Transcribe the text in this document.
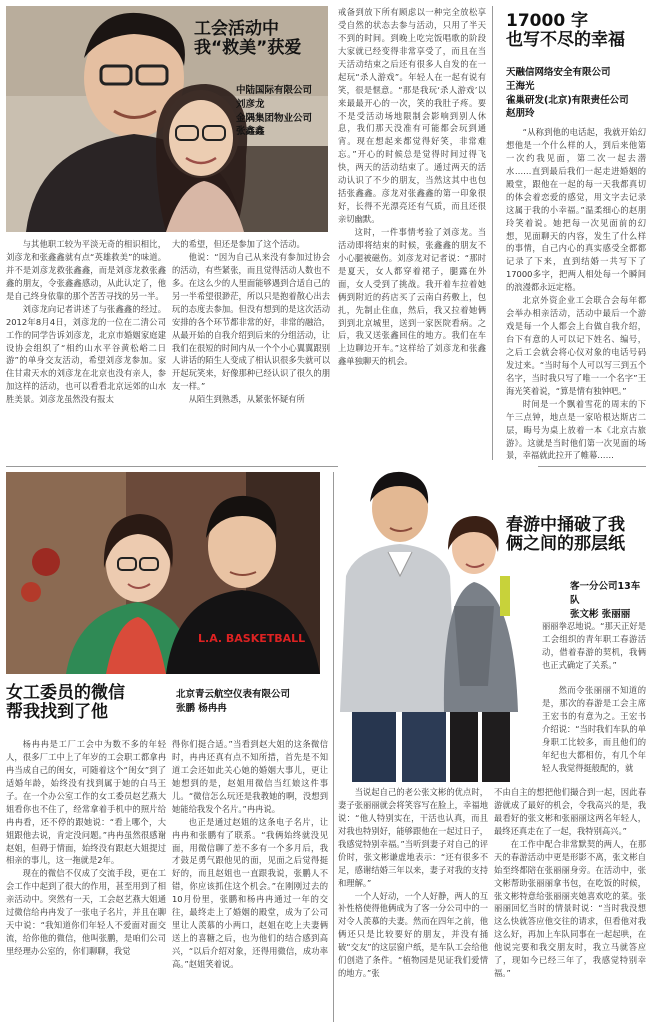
工会活动中
我“救美”获爱
中陆国际有限公司
刘彦龙
金隅集团物业公司
张鑫鑫

与其他职工较为平淡无奇的相识相比，刘彦龙和张鑫鑫就有点“英雄救美”的味道。并不是刘彦龙救张鑫鑫，而是刘彦龙救张鑫鑫的朋友，令张鑫鑫感动，从此认定了，他是自己终身依靠的那个苦苦寻找的另一半。

刘彦龙向记者讲述了与张鑫鑫的经过。2012年8月4日，刘彦龙的一位在二清公司工作的同学告诉刘彦龙，北京市婚姻家庭建设协会组织了“相约山水平谷黄松峪二日游”的单身交友活动，希望刘彦龙参加。家住甘肃天水的刘彦龙在北京也没有亲人，参加这样的活动，也可以看看北京远郊的山水胜美景。刘彦龙虽然没有报太

大的希望，但还是参加了这个活动。

他说：“因为自己从来没有参加过协会的活动，有些紧张，而且觉得活动人数也不多。在这么少的人里面能够遇到合适自己的另一半希望很渺茫，所以只是抱着散心出去玩的态度去参加。但没有想到的是这次活动安排的各个环节都非常的好，非常的融洽，从最开始的自我介绍到后来的分组活动，让我们在很短的时间内从一个个小心翼翼跟别人讲话的陌生人变成了相认识很多失就可以开起玩笑来，好像那种已经认识了很久的朋友一样。”

从陌生到熟悉，从紧张怀疑有所

戒备到放下所有顾虑以一种完全放松享受自然的状态去参与活动，只用了半天不到的时间。到晚上吃完饭唱歌的阶段大家就已经变得非常享受了，而且在当天活动结束之后还有很多人自发的在一起玩“杀人游戏”。年轻人在一起有说有笑，很是惬意。“那是我玩‘杀人游戏’以来最最开心的一次，笑的我肚子疼。要不是受活动场地限制会影响到别人休息，我们那天没准有可能都会玩到通宵。现在想起来都觉得好笑，非常难忘。”开心的时候总是觉得时间过得飞快，两天的活动结束了。通过两天的活动认识了不少的朋友，当然这其中也包括张鑫鑫。彦龙对张鑫鑫的第一印象很好，长得不光漂亮还有气质，而且还很亲切幽默。

这时，一件事情考验了刘彦龙。当活动即将结束的时候，张鑫鑫的朋友不小心腿被磁伤。刘彦龙对记者说：“那时是夏天，女人都穿着裙子，腿露在外面，女人受到了挑战。我开着车拉着她俩到附近的药店买了云南白药敷上，包扎，先制止住血，然后，我又拉着她俩到到北京城里，送到一家医院看病。之后，我又送张鑫回住的地方。我们在车上边聊边开车。”这样给了刘彦龙和张鑫鑫单独聊天的机会。

17000 字
也写不尽的幸福
天融信网络安全有限公司
王海光
雀巢研发(北京)有限责任公司
赵朋玲

“从称到他的电话起，我就开始幻想他是一个什么样的人，到后来他第一次约我见面，第二次一起去潜水……直到最后我们一起走进婚姻的殿堂，跟他在一起的每一天我都真切的体会着恋爱的感觉，用文字去记录这属于我的小幸福。”温柔细心的赵朋玲笑着说。她把每一次见面前的幻想，见面聊天的内容，发生了什么样的事情，自己内心的真实感受全都都记录了下来，直到结婚一共写下了17000多字，把两人相处每一个瞬间的浪漫都永远定格。

北京外资企业工会联合会每年都会举办相亲活动，活动中最后一个游戏是每一个人都会上台做自我介绍，台下有意的人可以记下姓名、编号，之后工会就会将心仪对象的电话号码发过来。“当时每个人可以写三到五个名字，当时我只写了唯一一个名字”王海光笑着说，“算是情有独钟吧。”

时间是一个飘着雪花的周末的下午三点钟，地点是一家哈根达斯店二层，晦号为桌上放着一本《北京古旅游》。这就是当时他们第一次见面的场景，幸福就此拉开了帷幕……

L.A. BASKETBALL
女工委员的微信
帮我找到了他
北京青云航空仪表有限公司
张鹏 杨冉冉

杨冉冉是工厂工会中为数不多的年轻人，很多厂工中上了年岁的工会职工都拿冉冉当成自己的闺女，可随着这个“闺女”到了适婚年龄，始终没有找到属于她的白马王子。在一个办公室工作的女工委员赵艺燕大姐看你也不住了，经常拿着手机中的照片给冉冉看，还不停的跟她说：“看上哪个，大姐跟他去说，肯定没问题。”冉冉虽然很感谢赵姐，但碍于情面，始终没有跟赵大姐提过相亲的事儿，这一拖就是2年。

现在的微信不仅成了交流手段，更在工会工作中起到了很大的作用，甚至用到了相亲活动中。突然有一天，工会赵艺燕大姐通过微信给冉冉发了一张电子名片，并且在聊天中说：“我知道你们年轻人不爱面对面交流，给你他的微信，他叫张鹏，是咱们公司里经理办公室的，你们聊聊，我觉

得你们挺合适。”当看到赵大姐的这条微信时，冉冉还真有点不知所措，首先是不知道工会还如此关心她的婚姻大事儿，更让她想到的是，赵姐用微信当红娘这件事儿。“微信怎么玩还是我教她的啊，没想到她能给我发个名片。”冉冉说。

也正是通过赵姐的这条电子名片，让冉冉和张鹏有了联系。“我俩始终就没见面，用微信聊了差不多有一个多月后，我才鼓足勇气跟他见的面，见面之后觉得挺好的，而且赵姐也一直跟我说，张鹏人不错，你应该抓住这个机会。”在刚刚过去的10月份里，张鹏和杨冉冉通过一年的交往，最终走上了婚姻的殿堂，成为了公司里让人羡慕的小两口，赵姐在吃上夫妻俩送上的喜糖之后，也为他们的结合感到高兴，“以后介绍对象，还得用微信，成功率高。”赵姐笑着说。

春游中捅破了我
俩之间的那层纸
客一分公司13车队
张文彬 张丽丽

丽丽拳忍地说。“那天正好是工会组织的青年职工春游活动，借着春游的契机，我俩也正式确定了关系。”

然而令张丽丽不知道的是，那次的春游是工会主席王宏书的有意为之。王宏书介绍说：“当时我们车队的单身职工比较多，而且他们的年纪也大都相仿，有几个年轻人我觉得挺般配的，就

当说起自己的老公张文彬的优点时，妻子张丽丽就会将笑容写在脸上，幸福地说：“他人特别实在，干活也认真，而且对我也特别好，能够跟他在一起过日子，我感觉特别幸福。”当听到妻子对自己的评价时，张文彬谦虚地表示：“还有很多不足，感谢结婚三年以来，妻子对我的支持和理解。”

一个人好动，一个人好静，两人的互补性格使得他俩成为了客一分公司中的一对令人羡慕的夫妻。然而在四年之前，他俩还只是比较要好的朋友，并没有捅破“交友”的这层窗户纸，是车队工会给他们创造了条件。“植物园是见证我们爱情的地方。”张

不由自主的想把他们撮合到一起，因此春游就成了最好的机会，令我高兴的是，我最看好的张文彬和张丽丽这两名年轻人，最终还真走在了一起，我特别高兴。”

在工作中配合非常默契的两人，在那天的春游活动中更是形影不离，张文彬自始至终都陪在张丽丽身旁。在活动中，张文彬帮助张丽丽拿书包，在吃饭的时候，张文彬特意给张丽丽夹她喜欢吃的菜。张丽丽回忆当时的情景时说：“当时我没想这么快就答应他交往的请求，但看他对我这么好，再加上车队同事在一起起哄，在他说完要和我交朋友时，我立马就答应了，现如今已经三年了，我感觉特别幸福。”
